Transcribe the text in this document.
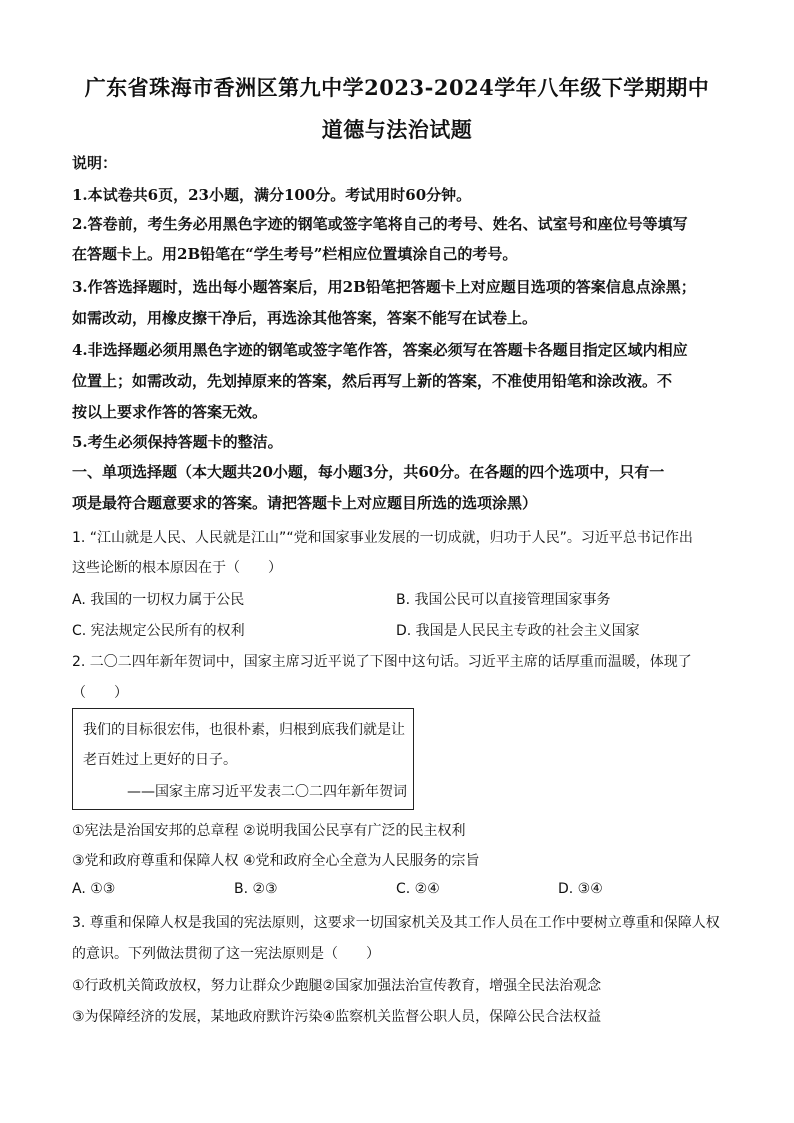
广东省珠海市香洲区第九中学2023-2024学年八年级下学期期中
道德与法治试题
说明：
1.本试卷共6页，23小题，满分100分。考试用时60分钟。
2.答卷前，考生务必用黑色字迹的钢笔或签字笔将自己的考号、姓名、试室号和座位号等填写
在答题卡上。用2B铅笔在“学生考号”栏相应位置填涂自己的考号。
3.作答选择题时，选出每小题答案后，用2B铅笔把答题卡上对应题目选项的答案信息点涂黑；
如需改动，用橡皮擦干净后，再选涂其他答案，答案不能写在试卷上。
4.非选择题必须用黑色字迹的钢笔或签字笔作答，答案必须写在答题卡各题目指定区域内相应
位置上；如需改动，先划掉原来的答案，然后再写上新的答案，不准使用铅笔和涂改液。不
按以上要求作答的答案无效。
5.考生必须保持答题卡的整洁。
一、单项选择题（本大题共20小题，每小题3分，共60分。在各题的四个选项中，只有一
项是最符合题意要求的答案。请把答题卡上对应题目所选的选项涂黑）
1. “江山就是人民、人民就是江山”“党和国家事业发展的一切成就，归功于人民”。习近平总书记作出
这些论断的根本原因在于（　　）
A. 我国的一切权力属于公民	B. 我国公民可以直接管理国家事务
C. 宪法规定公民所有的权利	D. 我国是人民民主专政的社会主义国家
2. 二〇二四年新年贺词中，国家主席习近平说了下图中这句话。习近平主席的话厚重而温暖，体现了
（　　）
我们的目标很宏伟，也很朴素，归根到底我们就是让
老百姓过上更好的日子。
——国家主席习近平发表二〇二四年新年贺词
①宪法是治国安邦的总章程 ②说明我国公民享有广泛的民主权利
③党和政府尊重和保障人权 ④党和政府全心全意为人民服务的宗旨
A. ①③	B. ②③	C. ②④	D. ③④
3. 尊重和保障人权是我国的宪法原则，这要求一切国家机关及其工作人员在工作中要树立尊重和保障人权
的意识。下列做法贯彻了这一宪法原则是（　　）
①行政机关简政放权，努力让群众少跑腿②国家加强法治宣传教育，增强全民法治观念
③为保障经济的发展，某地政府默许污染④监察机关监督公职人员，保障公民合法权益
